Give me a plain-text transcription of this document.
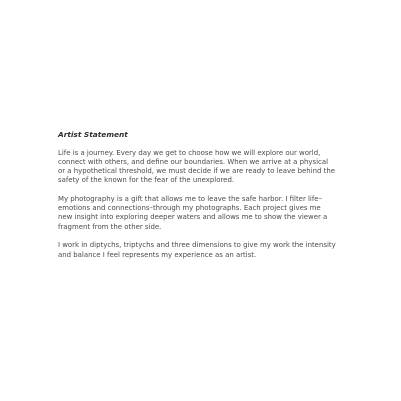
Artist Statement
Life is a journey. Every day we get to choose how we will explore our world,
connect with others, and define our boundaries. When we arrive at a physical
or a hypothetical threshold, we must decide if we are ready to leave behind the
safety of the known for the fear of the unexplored.
My photography is a gift that allows me to leave the safe harbor. I filter life–
emotions and connections–through my photographs. Each project gives me
new insight into exploring deeper waters and allows me to show the viewer a
fragment from the other side.
I work in diptychs, triptychs and three dimensions to give my work the intensity
and balance I feel represents my experience as an artist.
